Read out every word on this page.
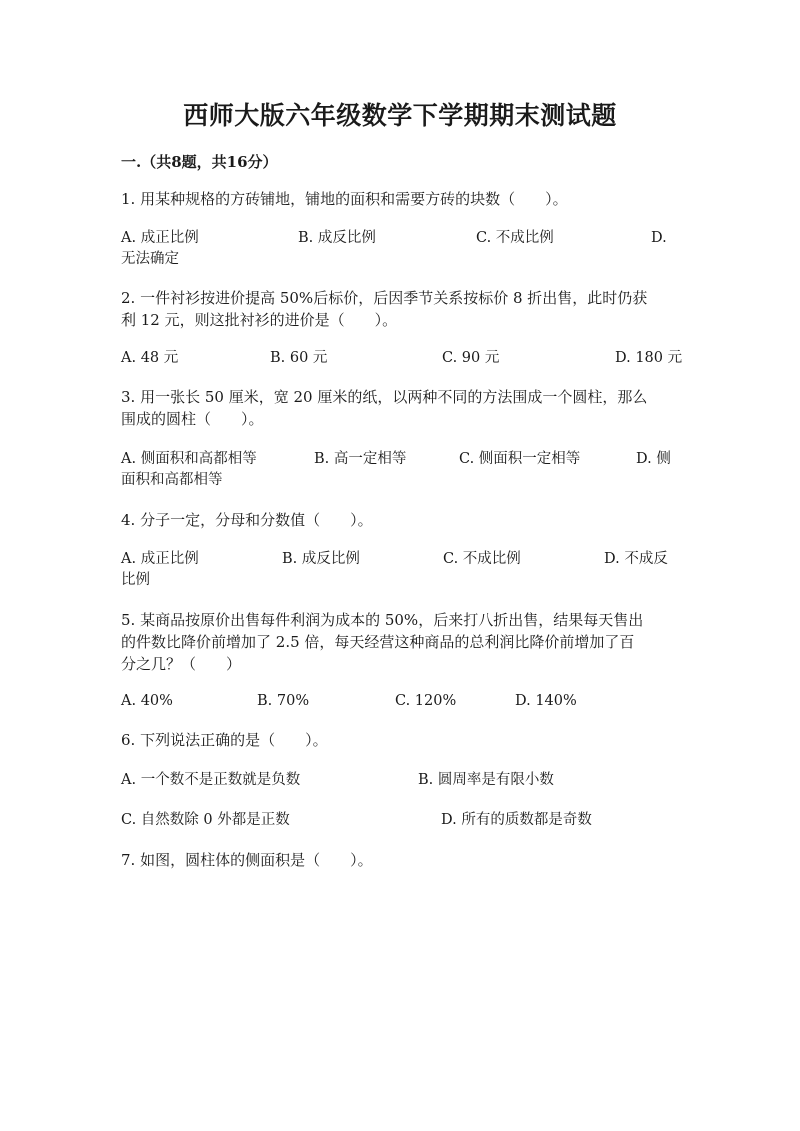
西师大版六年级数学下学期期末测试题
一.（共8题，共16分）
1. 用某种规格的方砖铺地，铺地的面积和需要方砖的块数（　　）。
A. 成正比例	B. 成反比例	C. 不成比例	D.
无法确定
2. 一件衬衫按进价提高 50%后标价，后因季节关系按标价 8 折出售，此时仍获
利 12 元，则这批衬衫的进价是（　　）。
A. 48 元	B. 60 元	C. 90 元	D. 180 元
3. 用一张长 50 厘米，宽 20 厘米的纸，以两种不同的方法围成一个圆柱，那么
围成的圆柱（　　）。
A. 侧面积和高都相等	B. 高一定相等	C. 侧面积一定相等	D. 侧
面积和高都相等
4. 分子一定，分母和分数值（　　）。
A. 成正比例	B. 成反比例	C. 不成比例	D. 不成反
比例
5. 某商品按原价出售每件利润为成本的 50%，后来打八折出售，结果每天售出
的件数比降价前增加了 2.5 倍，每天经营这种商品的总利润比降价前增加了百
分之几？（　　）
A. 40%	B. 70%	C. 120%	D. 140%
6. 下列说法正确的是（　　）。
A. 一个数不是正数就是负数	B. 圆周率是有限小数
C. 自然数除 0 外都是正数	D. 所有的质数都是奇数
7. 如图，圆柱体的侧面积是（　　）。
